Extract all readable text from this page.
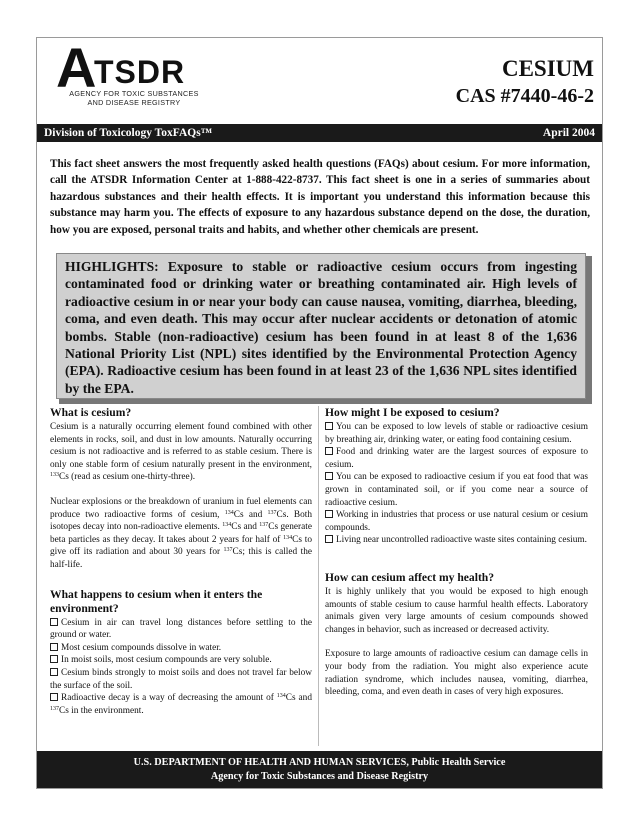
A TSDR
AGENCY FOR TOXIC SUBSTANCES
AND DISEASE REGISTRY
CESIUM
CAS #7440-46-2
Division of Toxicology ToxFAQs™	April 2004
This fact sheet answers the most frequently asked health questions (FAQs) about cesium. For more information, call the ATSDR Information Center at 1-888-422-8737. This fact sheet is one in a series of summaries about hazardous substances and their health effects. It is important you understand this information because this substance may harm you. The effects of exposure to any hazardous substance depend on the dose, the duration, how you are exposed, personal traits and habits, and whether other chemicals are present.
HIGHLIGHTS: Exposure to stable or radioactive cesium occurs from ingesting contaminated food or drinking water or breathing contaminated air. High levels of radioactive cesium in or near your body can cause nausea, vomiting, diarrhea, bleeding, coma, and even death. This may occur after nuclear accidents or detonation of atomic bombs. Stable (non-radioactive) cesium has been found in at least 8 of the 1,636 National Priority List (NPL) sites identified by the Environmental Protection Agency (EPA). Radioactive cesium has been found in at least 23 of the 1,636 NPL sites identified by the EPA.
What is cesium?
Cesium is a naturally occurring element found combined with other elements in rocks, soil, and dust in low amounts. Naturally occurring cesium is not radioactive and is referred to as stable cesium. There is only one stable form of cesium naturally present in the environment, $^{133}$Cs (read as cesium one-thirty-three).
Nuclear explosions or the breakdown of uranium in fuel elements can produce two radioactive forms of cesium, $^{134}$Cs and $^{137}$Cs. Both isotopes decay into non-radioactive elements. $^{134}$Cs and $^{137}$Cs generate beta particles as they decay. It takes about 2 years for half of $^{134}$Cs to give off its radiation and about 30 years for $^{137}$Cs; this is called the half-life.
What happens to cesium when it enters the environment?
Cesium in air can travel long distances before settling to the ground or water.
Most cesium compounds dissolve in water.
In moist soils, most cesium compounds are very soluble.
Cesium binds strongly to moist soils and does not travel far below the surface of the soil.
Radioactive decay is a way of decreasing the amount of $^{134}$Cs and $^{137}$Cs in the environment.
How might I be exposed to cesium?
You can be exposed to low levels of stable or radioactive cesium by breathing air, drinking water, or eating food containing cesium.
Food and drinking water are the largest sources of exposure to cesium.
You can be exposed to radioactive cesium if you eat food that was grown in contaminated soil, or if you come near a source of radioactive cesium.
Working in industries that process or use natural cesium or cesium compounds.
Living near uncontrolled radioactive waste sites containing cesium.
How can cesium affect my health?
It is highly unlikely that you would be exposed to high enough amounts of stable cesium to cause harmful health effects. Laboratory animals given very large amounts of cesium compounds showed changes in behavior, such as increased or decreased activity.
Exposure to large amounts of radioactive cesium can damage cells in your body from the radiation. You might also experience acute radiation syndrome, which includes nausea, vomiting, diarrhea, bleeding, coma, and even death in cases of very high exposures.
U.S. DEPARTMENT OF HEALTH AND HUMAN SERVICES, Public Health Service
Agency for Toxic Substances and Disease Registry
